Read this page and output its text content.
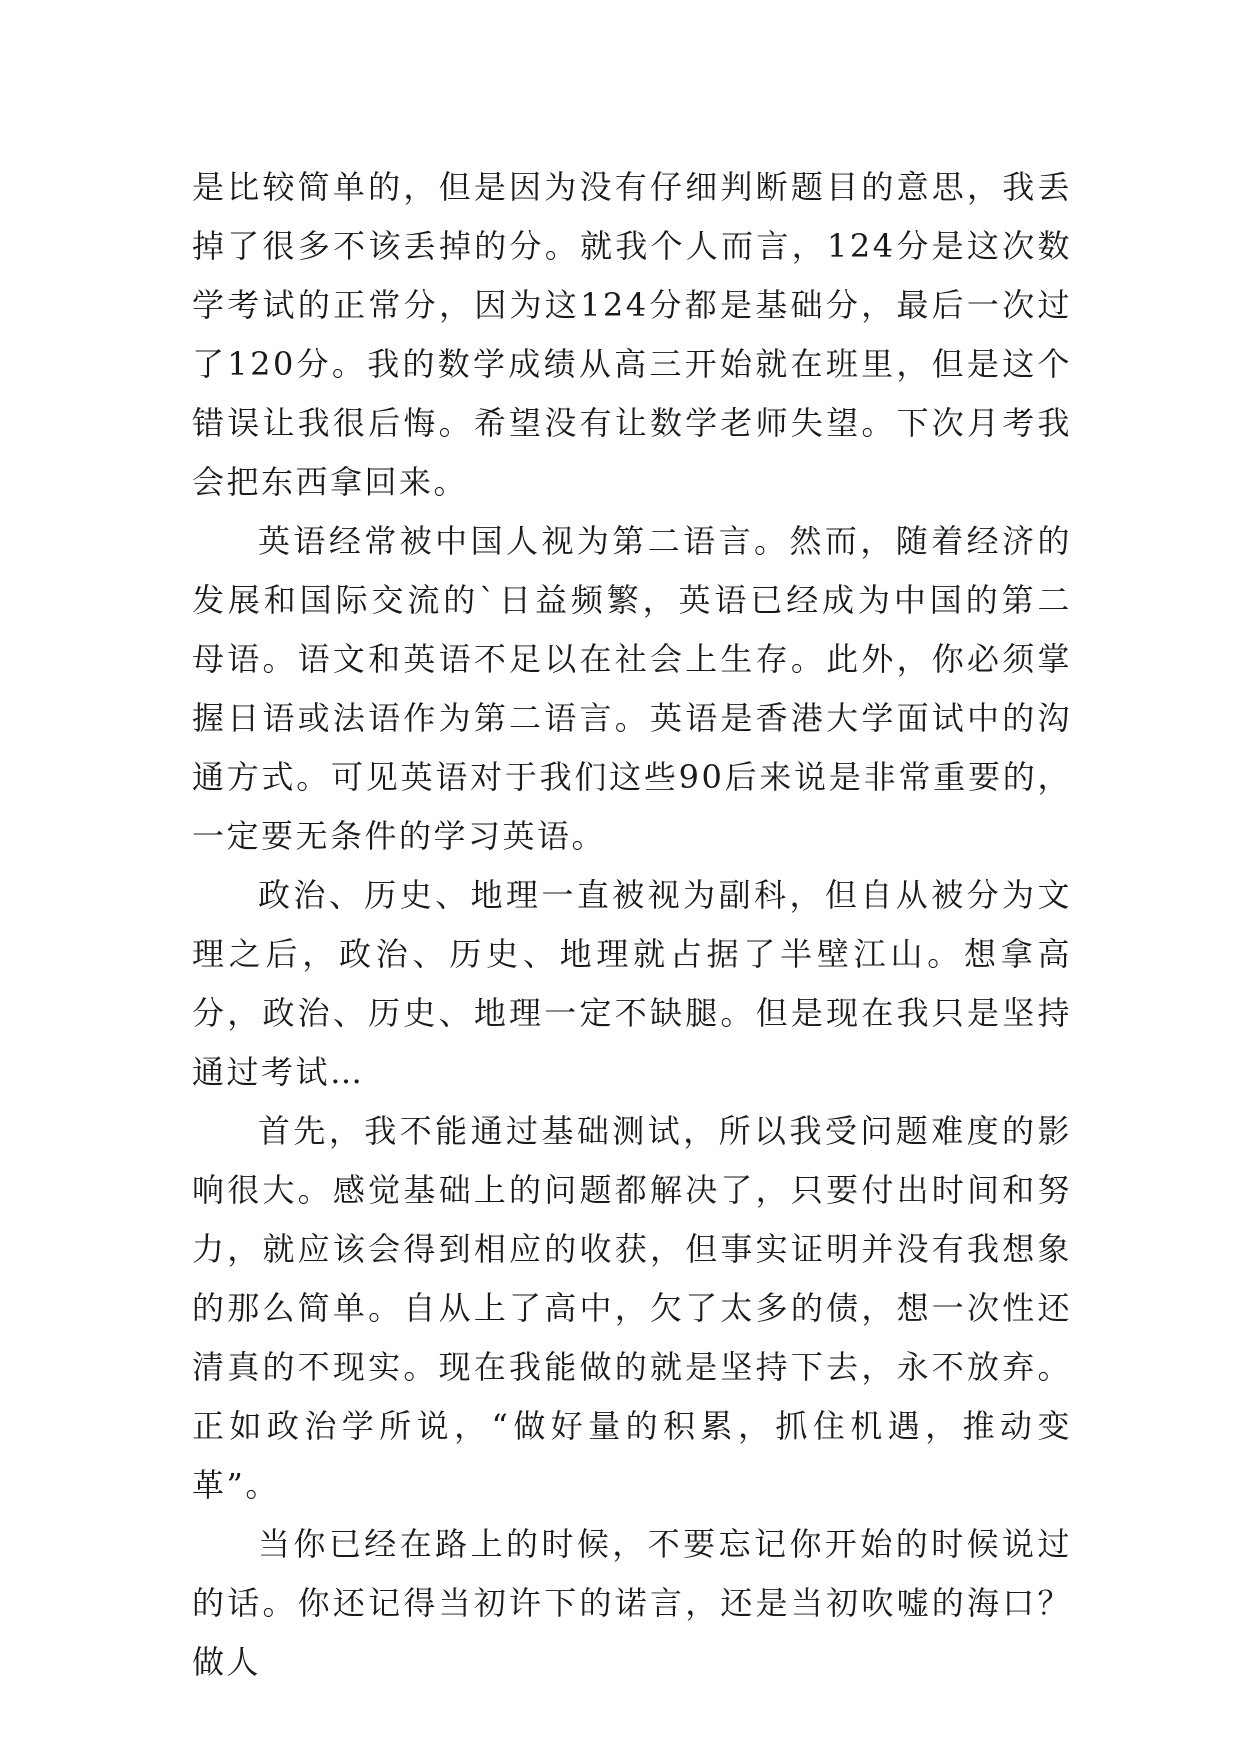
是比较简单的，但是因为没有仔细判断题目的意思，我丢掉了很多不该丢掉的分。就我个人而言，124分是这次数学考试的正常分，因为这124分都是基础分，最后一次过了120分。我的数学成绩从高三开始就在班里，但是这个错误让我很后悔。希望没有让数学老师失望。下次月考我会把东西拿回来。

英语经常被中国人视为第二语言。然而，随着经济的发展和国际交流的`日益频繁，英语已经成为中国的第二母语。语文和英语不足以在社会上生存。此外，你必须掌握日语或法语作为第二语言。英语是香港大学面试中的沟通方式。可见英语对于我们这些90后来说是非常重要的，一定要无条件的学习英语。

政治、历史、地理一直被视为副科，但自从被分为文理之后，政治、历史、地理就占据了半壁江山。想拿高分，政治、历史、地理一定不缺腿。但是现在我只是坚持通过考试…

首先，我不能通过基础测试，所以我受问题难度的影响很大。感觉基础上的问题都解决了，只要付出时间和努力，就应该会得到相应的收获，但事实证明并没有我想象的那么简单。自从上了高中，欠了太多的债，想一次性还清真的不现实。现在我能做的就是坚持下去，永不放弃。正如政治学所说，“做好量的积累，抓住机遇，推动变革”。

当你已经在路上的时候，不要忘记你开始的时候说过的话。你还记得当初许下的诺言，还是当初吹嘘的海口？做人
